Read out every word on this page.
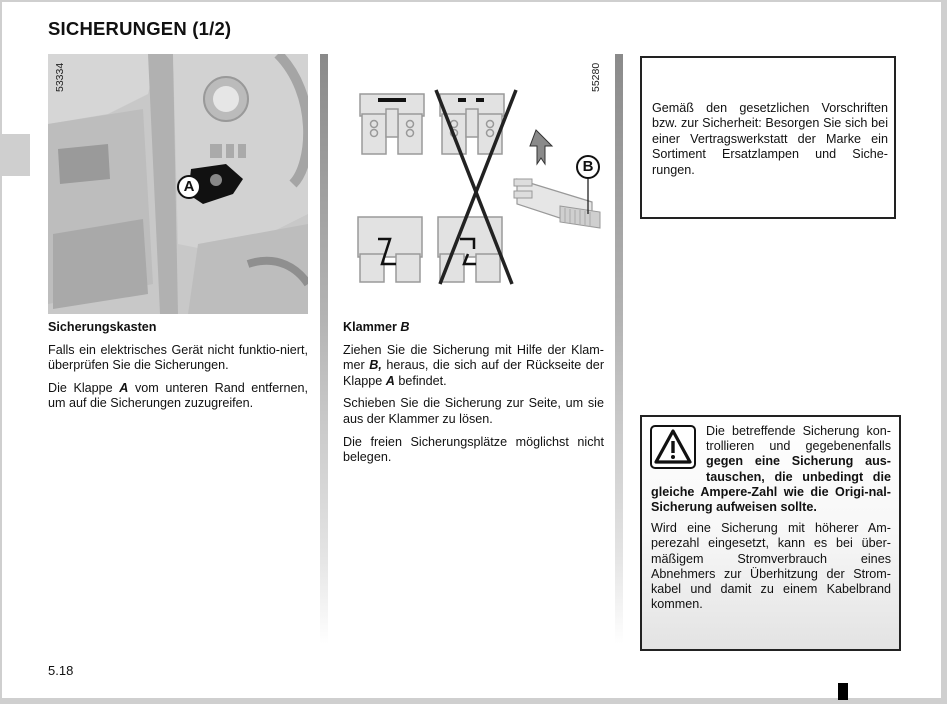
SICHERUNGEN (1/2)
53334
A
55280
B
Sicherungskasten

Falls ein elektrisches Gerät nicht funktio-niert, überprüfen Sie die Sicherungen.

Die Klappe A vom unteren Rand entfernen, um auf die Sicherungen zuzugreifen.

Klammer B

Ziehen Sie die Sicherung mit Hilfe der Klam-mer B, heraus, die sich auf der Rückseite der Klappe A befindet.

Schieben Sie die Sicherung zur Seite, um sie aus der Klammer zu lösen.

Die freien Sicherungsplätze möglichst nicht belegen.

Gemäß den gesetzlichen Vorschriften bzw. zur Sicherheit: Besorgen Sie sich bei einer Vertragswerkstatt der Marke ein Sortiment Ersatzlampen und Siche-rungen.

Die betreffende Sicherung kon-trollieren und gegebenenfalls gegen eine Sicherung aus-tauschen, die unbedingt die gleiche Ampere-Zahl wie die Origi-nal-Sicherung aufweisen sollte.

Wird eine Sicherung mit höherer Am-perezahl eingesetzt, kann es bei über-mäßigem Stromverbrauch eines Abnehmers zur Überhitzung der Strom-kabel und damit zu einem Kabelbrand kommen.

5.18
